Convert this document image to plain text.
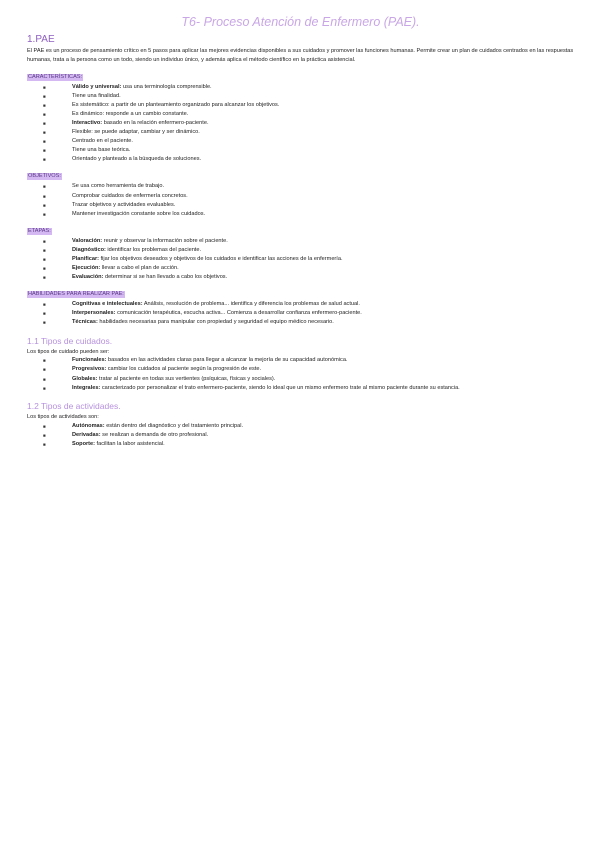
T6- Proceso Atención de Enfermero (PAE).
1.PAE

El PAE es un proceso de pensamiento crítico en 5 pasos para aplicar las mejores evidencias disponibles a sus cuidados y promover las funciones humanas. Permite crear un plan de cuidados centrados en las respuestas humanas, trata a la persona como un todo, siendo un individuo único, y además aplica el método científico en la práctica asistencial.

CARACTERÍSTICAS:
■ Válido y universal: usa una terminología comprensible.
■ Tiene una finalidad.
■ Es sistemático: a partir de un planteamiento organizado para alcanzar los objetivos.
■ Es dinámico: responde a un cambio constante.
■ Interactivo: basado en la relación enfermero-paciente.
■ Flexible: se puede adaptar, cambiar y ser dinámico.
■ Centrado en el paciente.
■ Tiene una base teórica.
■ Orientado y planteado a la búsqueda de soluciones.
OBJETIVOS:
■ Se usa como herramienta de trabajo.
■ Comprobar cuidados de enfermería concretos.
■ Trazar objetivos y actividades evaluables.
■ Mantener investigación constante sobre los cuidados.
ETAPAS:
■ Valoración: reunir y observar la información sobre el paciente.
■ Diagnóstico: identificar los problemas del paciente.
■ Planificar: fijar los objetivos deseados y objetivos de los cuidados e identificar las acciones de la enfermería.
■ Ejecución: llevar a cabo el plan de acción.
■ Evaluación: determinar si se han llevado a cabo los objetivos.
HABILIDADES PARA REALIZAR PAE:
■ Cognitivas e intelectuales: Análisis, resolución de problema... identifica y diferencia los problemas de salud actual.
■ Interpersonales: comunicación terapéutica, escucha activa... Comienza a desarrollar confianza enfermero-paciente.
■ Técnicas: habilidades necesarias para manipular con propiedad y seguridad el equipo médico necesario.
1.1 Tipos de cuidados.

Los tipos de cuidado pueden ser:

■ Funcionales: basados en las actividades claras para llegar a alcanzar la mejoría de su capacidad autonómica.
■ Progresivos: cambiar los cuidados al paciente según la progresión de este.
■ Globales: tratar al paciente en todas sus vertientes (psíquicas, físicas y sociales).
■ Integrales: caracterizado por personalizar el trato enfermero-paciente, siendo lo ideal que un mismo enfermero trate al mismo paciente durante su estancia.
1.2 Tipos de actividades.

Los tipos de actividades son:

■ Autónomas: están dentro del diagnóstico y del tratamiento principal.
■ Derivadas: se realizan a demanda de otro profesional.
■ Soporte: facilitan la labor asistencial.
